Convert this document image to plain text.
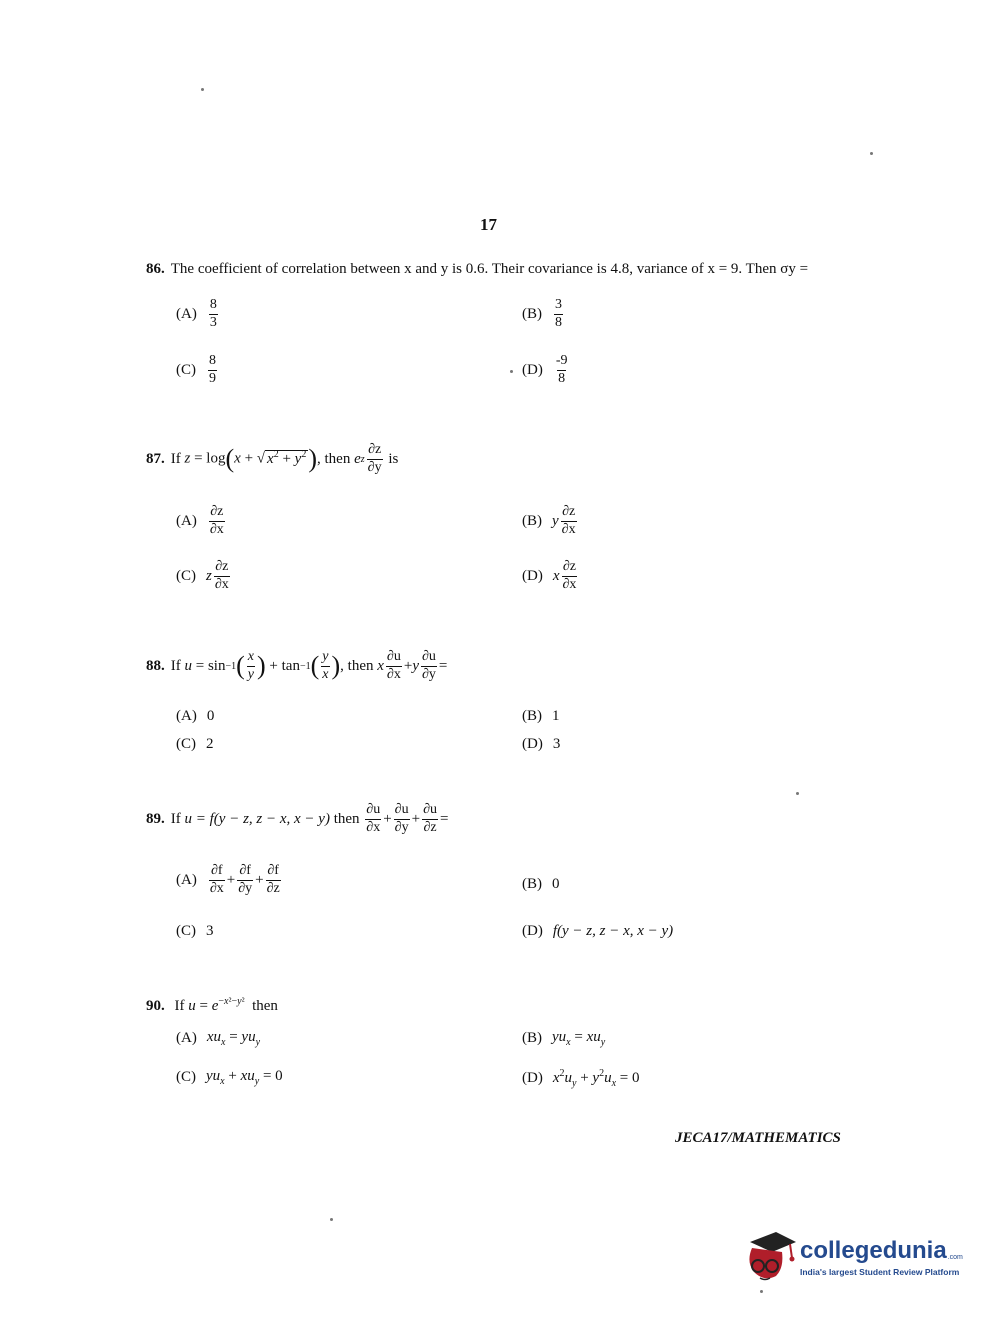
17
86. The coefficient of correlation between x and y is 0.6. Their covariance is 4.8, variance of x = 9. Then σy =
$(A) \frac{8}{3}$	$(B) \frac{3}{8}$
$(C) \frac{8}{9}$	$(D) \frac{-9}{8}$
87. If
z = log(x + √ $x^2 + y^2$) , then
e z $\frac{\partial z}{\partial y}$
is
$(A) \frac{\partial z}{\partial x}$	(B) y $\frac{\partial z}{\partial x}$
(C) z $\frac{\partial z}{\partial x}$	(D) x $\frac{\partial z}{\partial x}$
88. If
u = sin −1 ( $\frac{x}{y}$ ) + tan −1 ( $\frac{y}{x}$ ) , then
x $\frac{\partial u}{\partial x} + y \frac{\partial u}{\partial y}$ =
(A) 0	(B) 1
(C) 2	(D) 3
89. If
u = f(y − z, z − x, x − y)
then
$\frac{\partial u}{\partial x} + \frac{\partial u}{\partial y} + \frac{\partial u}{\partial z}$ =
$(A) \frac{\partial f}{\partial x} + \frac{\partial f}{\partial y} + \frac{\partial f}{\partial z}$	(B) 0
(C) 3	(D) f(y − z, z − x, x − y)
90. If $u = e^{-x^2-y^2}$ then
(A) $xu_x = yu_y$	(B) $yu_x = xu_y$
(C) $yu_x + xu_y = 0$	(D) $x^2u_y + y^2u_x = 0$
JECA17/MATHEMATICS
collegedunia .com
India's largest Student Review Platform
